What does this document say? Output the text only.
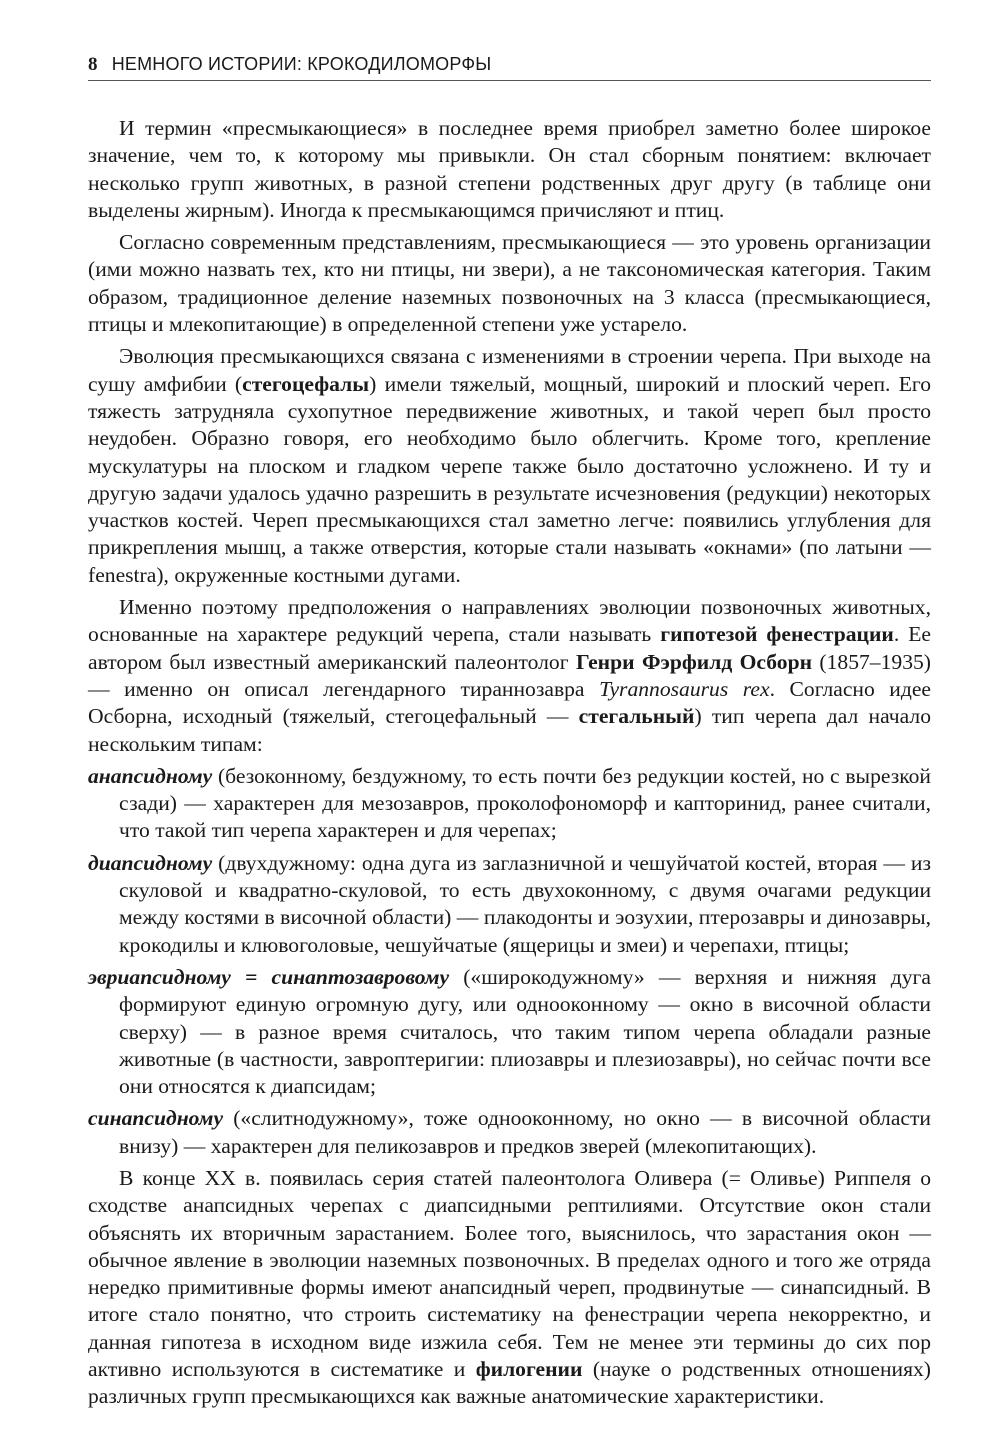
8 НЕМНОГО ИСТОРИИ: КРОКОДИЛОМОРФЫ

И термин «пресмыкающиеся» в последнее время приобрел заметно более широкое значение, чем то, к которому мы привыкли. Он стал сборным понятием: включает несколько групп животных, в разной степени родственных друг другу (в таблице они выделены жирным). Иногда к пресмыкающимся причисляют и птиц.

Согласно современным представлениям, пресмыкающиеся — это уровень организации (ими можно назвать тех, кто ни птицы, ни звери), а не таксономическая категория. Таким образом, традиционное деление наземных позвоночных на 3 класса (пресмыкающиеся, птицы и млекопитающие) в определенной степени уже устарело.

Эволюция пресмыкающихся связана с изменениями в строении черепа. При выходе на сушу амфибии (стегоцефалы) имели тяжелый, мощный, широкий и плоский череп. Его тяжесть затрудняла сухопутное передвижение животных, и такой череп был просто неудобен. Образно говоря, его необходимо было облегчить. Кроме того, крепление мускулатуры на плоском и гладком черепе также было достаточно усложнено. И ту и другую задачи удалось удачно разрешить в результате исчезновения (редукции) некоторых участков костей. Череп пресмыкающихся стал заметно легче: появились углубления для прикрепления мышц, а также отверстия, которые стали называть «окнами» (по латыни — fenestra), окруженные костными дугами.

Именно поэтому предположения о направлениях эволюции позвоночных животных, основанные на характере редукций черепа, стали называть гипотезой фенестрации. Ее автором был известный американский палеонтолог Генри Фэрфилд Осборн (1857–1935) — именно он описал легендарного тираннозавра Tyrannosaurus rex. Согласно идее Осборна, исходный (тяжелый, стегоцефальный — стегальный) тип черепа дал начало нескольким типам:

анапсидному (безоконному, бездужному, то есть почти без редукции костей, но с вырезкой сзади) — характерен для мезозавров, проколофономорф и капторинид, ранее считали, что такой тип черепа характерен и для черепах;

диапсидному (двухдужному: одна дуга из заглазничной и чешуйчатой костей, вторая — из скуловой и квадратно-скуловой, то есть двухоконному, с двумя очагами редукции между костями в височной области) — плакодонты и эозухии, птерозавры и динозавры, крокодилы и клювоголовые, чешуйчатые (ящерицы и змеи) и черепахи, птицы;

эвриапсидному = синаптозавровому («широкодужному» — верхняя и нижняя дуга формируют единую огромную дугу, или однооконному — окно в височной области сверху) — в разное время считалось, что таким типом черепа обладали разные животные (в частности, завроптеригии: плиозавры и плезиозавры), но сейчас почти все они относятся к диапсидам;

синапсидному («слитнодужному», тоже однооконному, но окно — в височной области внизу) — характерен для пеликозавров и предков зверей (млекопитающих).

В конце XX в. появилась серия статей палеонтолога Оливера (= Оливье) Риппеля о сходстве анапсидных черепах с диапсидными рептилиями. Отсутствие окон стали объяснять их вторичным зарастанием. Более того, выяснилось, что зарастания окон — обычное явление в эволюции наземных позвоночных. В пределах одного и того же отряда нередко примитивные формы имеют анапсидный череп, продвинутые — синапсидный. В итоге стало понятно, что строить систематику на фенестрации черепа некорректно, и данная гипотеза в исходном виде изжила себя. Тем не менее эти термины до сих пор активно используются в систематике и филогении (науке о родственных отношениях) различных групп пресмыкающихся как важные анатомические характеристики.
